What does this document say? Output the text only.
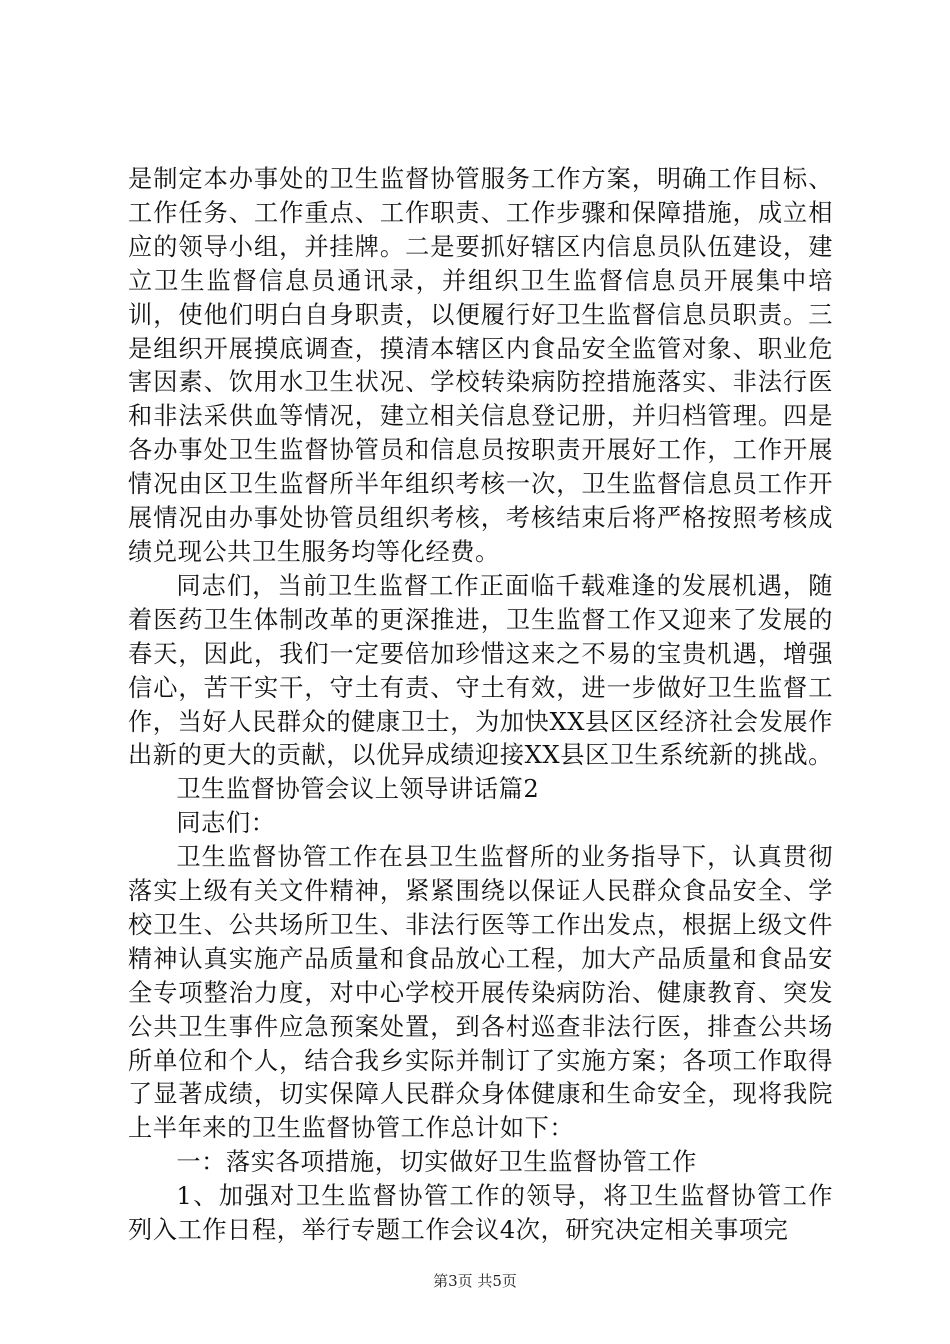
是制定本办事处的卫生监督协管服务工作方案，明确工作目标、工作任务、工作重点、工作职责、工作步骤和保障措施，成立相应的领导小组，并挂牌。二是要抓好辖区内信息员队伍建设，建立卫生监督信息员通讯录，并组织卫生监督信息员开展集中培训，使他们明白自身职责，以便履行好卫生监督信息员职责。三是组织开展摸底调查，摸清本辖区内食品安全监管对象、职业危害因素、饮用水卫生状况、学校转染病防控措施落实、非法行医和非法采供血等情况，建立相关信息登记册，并归档管理。四是各办事处卫生监督协管员和信息员按职责开展好工作，工作开展情况由区卫生监督所半年组织考核一次，卫生监督信息员工作开展情况由办事处协管员组织考核，考核结束后将严格按照考核成绩兑现公共卫生服务均等化经费。

同志们，当前卫生监督工作正面临千载难逢的发展机遇，随着医药卫生体制改革的更深推进，卫生监督工作又迎来了发展的春天，因此，我们一定要倍加珍惜这来之不易的宝贵机遇，增强信心，苦干实干，守土有责、守土有效，进一步做好卫生监督工作，当好人民群众的健康卫士，为加快XX县区区经济社会发展作出新的更大的贡献，以优异成绩迎接XX县区卫生系统新的挑战。

卫生监督协管会议上领导讲话篇2

同志们：

卫生监督协管工作在县卫生监督所的业务指导下，认真贯彻落实上级有关文件精神，紧紧围绕以保证人民群众食品安全、学校卫生、公共场所卫生、非法行医等工作出发点，根据上级文件精神认真实施产品质量和食品放心工程，加大产品质量和食品安全专项整治力度，对中心学校开展传染病防治、健康教育、突发公共卫生事件应急预案处置，到各村巡查非法行医，排查公共场所单位和个人，结合我乡实际并制订了实施方案；各项工作取得了显著成绩，切实保障人民群众身体健康和生命安全，现将我院上半年来的卫生监督协管工作总计如下：

一：落实各项措施，切实做好卫生监督协管工作

1、加强对卫生监督协管工作的领导，将卫生监督协管工作列入工作日程，举行专题工作会议4次，研究决定相关事项完

第3页 共5页
